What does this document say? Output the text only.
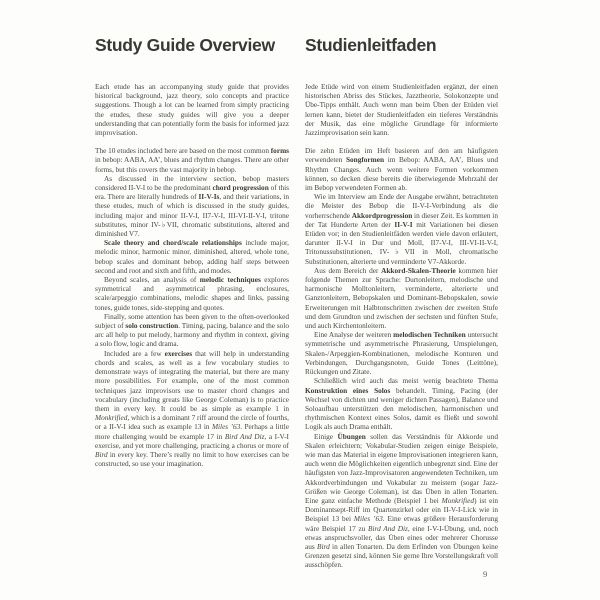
Study Guide Overview

Each etude has an accompanying study guide that provides historical background, jazz theory, solo concepts and practice suggestions. Though a lot can be learned from simply practicing the etudes, these study guides will give you a deeper understanding that can potentially form the basis for informed jazz improvisation.

The 10 etudes included here are based on the most common forms in bebop: AABA, AA’, blues and rhythm changes. There are other forms, but this covers the vast majority in bebop.

As discussed in the interview section, bebop masters considered II-V-I to be the predominant chord progression of this era. There are literally hundreds of II-V-Is, and their variations, in these etudes, much of which is discussed in the study guides, including major and minor II-V-I, II7-V-I, III-VI-II-V-I, tritone substitutes, minor IV-♭VII, chromatic substitutions, altered and diminished V7.

Scale theory and chord/scale relationships include major, melodic minor, harmonic minor, diminished, altered, whole tone, bebop scales and dominant bebop, adding half steps between second and root and sixth and fifth, and modes.

Beyond scales, an analysis of melodic techniques explores symmetrical and asymmetrical phrasing, enclosures, scale/arpeggio combinations, melodic shapes and links, passing tones, guide tones, side-stepping and quotes.

Finally, some attention has been given to the often-overlooked subject of solo construction. Timing, pacing, balance and the solo arc all help to put melody, harmony and rhythm in context, giving a solo flow, logic and drama.

Included are a few exercises that will help in understanding chords and scales, as well as a few vocabulary studies to demonstrate ways of integrating the material, but there are many more possibilities. For example, one of the most common techniques jazz improvisors use to master chord changes and vocabulary (including greats like George Coleman) is to practice them in every key. It could be as simple as example 1 in Monkrified, which is a dominant 7 riff around the circle of fourths, or a II-V-I idea such as example 13 in Miles ’63. Perhaps a little more challenging would be example 17 in Bird And Diz, a I-V-I exercise, and yet more challenging, practicing a chorus or more of Bird in every key. There’s really no limit to how exercises can be constructed, so use your imagination.

Studienleitfaden

Jede Etüde wird von einem Studienleitfaden ergänzt, der einen historischen Abriss des Stückes, Jazztheorie, Solokonzepte und Übe-Tipps enthält. Auch wenn man beim Üben der Etüden viel lernen kann, bietet der Studienleitfaden ein tieferes Verständnis der Musik, das eine mögliche Grundlage für informierte Jazzimprovisation sein kann.

Die zehn Etüden im Heft basieren auf den am häufigsten verwendeten Songformen im Bebop: AABA, AA’, Blues und Rhythm Changes. Auch wenn weitere Formen vorkommen können, so decken diese bereits die überwiegende Mehrzahl der im Bebop verwendeten Formen ab.

Wie im Interview am Ende der Ausgabe erwähnt, betrachteten die Meister des Bebop die II-V-I-Verbindung als die vorherrschende Akkordprogression in dieser Zeit. Es kommen in der Tat Hunderte Arten der II-V-I mit Variationen bei diesen Etüden vor; in den Studienleitfäden werden viele davon erläutert, darunter II-V-I in Dur und Moll, II7-V-I, III-VI-II-V-I, Tritonussubstitutionen, IV-♭VII in Moll, chromatische Substitutionen, alterierte und verminderte V7-Akkorde.

Aus dem Bereich der Akkord-Skalen-Theorie kommen hier folgende Themen zur Sprache: Durtonleitern, melodische und harmonische Molltonleitern, verminderte, alterierte und Ganztonleitern, Bebopskalen und Dominant-Bebopskalen, sowie Erweiterungen mit Halbtonschritten zwischen der zweiten Stufe und dem Grundton und zwischen der sechsten und fünften Stufe, und auch Kirchentonleitern.

Eine Analyse der weiteren melodischen Techniken untersucht symmetrische und asymmetrische Phrasierung, Umspielungen, Skalen-/Arpeggien-Kombinationen, melodische Konturen und Verbindungen, Durchgangsnoten, Guide Tones (Leittöne), Rückungen und Zitate.

Schließlich wird auch das meist wenig beachtete Thema Konstruktion eines Solos behandelt. Timing, Pacing (der Wechsel von dichten und weniger dichten Passagen), Balance und Soloaufbau unterstützen den melodischen, harmonischen und rhythmischen Kontext eines Solos, damit es fließt und sowohl Logik als auch Drama enthält.

Einige Übungen sollen das Verständnis für Akkorde und Skalen erleichtern; Vokabular-Studien zeigen einige Beispiele, wie man das Material in eigene Improvisationen integrieren kann, auch wenn die Möglichkeiten eigentlich unbegrenzt sind. Eine der häufigsten von Jazz-Improvisatoren angewendeten Techniken, um Akkordverbindungen und Vokabular zu meistern (sogar Jazz-Größen wie George Coleman), ist das Üben in allen Tonarten. Eine ganz einfache Methode (Beispiel 1 bei Monkrified) ist ein Dominantsept-Riff im Quartenzirkel oder ein II-V-I-Lick wie in Beispiel 13 bei Miles ’63. Eine etwas größere Herausforderung wäre Beispiel 17 zu Bird And Diz, eine I-V-I-Übung, und, noch etwas anspruchsvoller, das Üben eines oder mehrerer Chorusse aus Bird in allen Tonarten. Da dem Erfinden von Übungen keine Grenzen gesetzt sind, können Sie gerne Ihre Vorstellungskraft voll ausschöpfen.

9
